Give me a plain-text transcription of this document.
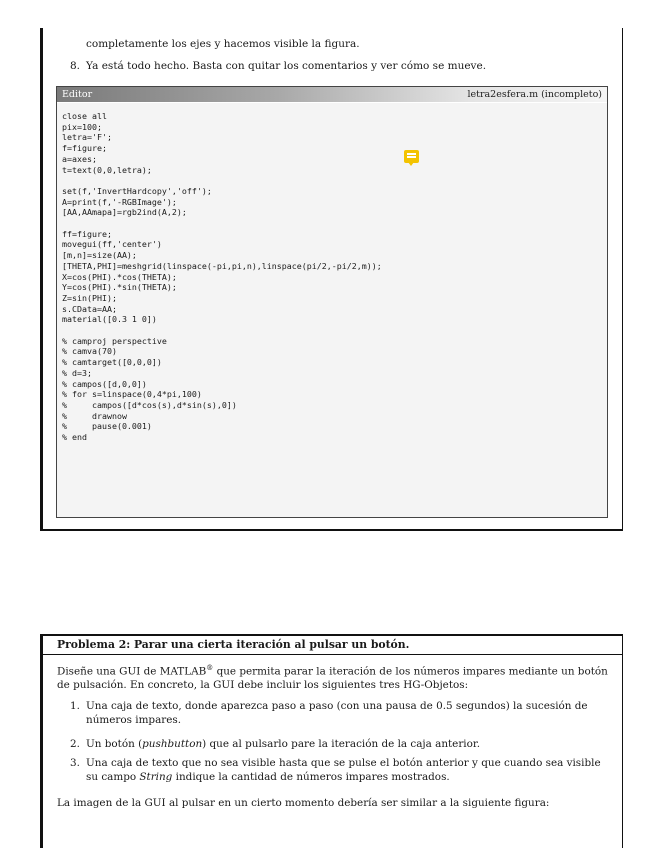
completamente los ejes y hacemos visible la figura.
8. Ya está todo hecho. Basta con quitar los comentarios y ver cómo se mueve.
Editor	letra2esfera.m (incompleto)
close all
pix=100;
letra='F';
f=figure;
a=axes;
t=text(0,0,letra);

set(f,'InvertHardcopy','off');
A=print(f,'-RGBImage');
[AA,AAmapa]=rgb2ind(A,2);

ff=figure;
movegui(ff,'center')
[m,n]=size(AA);
[THETA,PHI]=meshgrid(linspace(-pi,pi,n),linspace(pi/2,-pi/2,m));
X=cos(PHI).*cos(THETA);
Y=cos(PHI).*sin(THETA);
Z=sin(PHI);
s.CData=AA;
material([0.3 1 0])

% camproj perspective
% camva(70)
% camtarget([0,0,0])
% d=3;
% campos([d,0,0])
% for s=linspace(0,4*pi,100)
%     campos([d*cos(s),d*sin(s),0])
%     drawnow
%     pause(0.001)
% end
Problema 2: Parar una cierta iteración al pulsar un botón.
Diseñe una GUI de MATLAB® que permita parar la iteración de los números impares mediante un botón de pulsación. En concreto, la GUI debe incluir los siguientes tres HG-Objetos:
1. Una caja de texto, donde aparezca paso a paso (con una pausa de 0.5 segundos) la sucesión de números impares.
2. Un botón (pushbutton) que al pulsarlo pare la iteración de la caja anterior.
3. Una caja de texto que no sea visible hasta que se pulse el botón anterior y que cuando sea visible su campo String indique la cantidad de números impares mostrados.
La imagen de la GUI al pulsar en un cierto momento debería ser similar a la siguiente figura:
